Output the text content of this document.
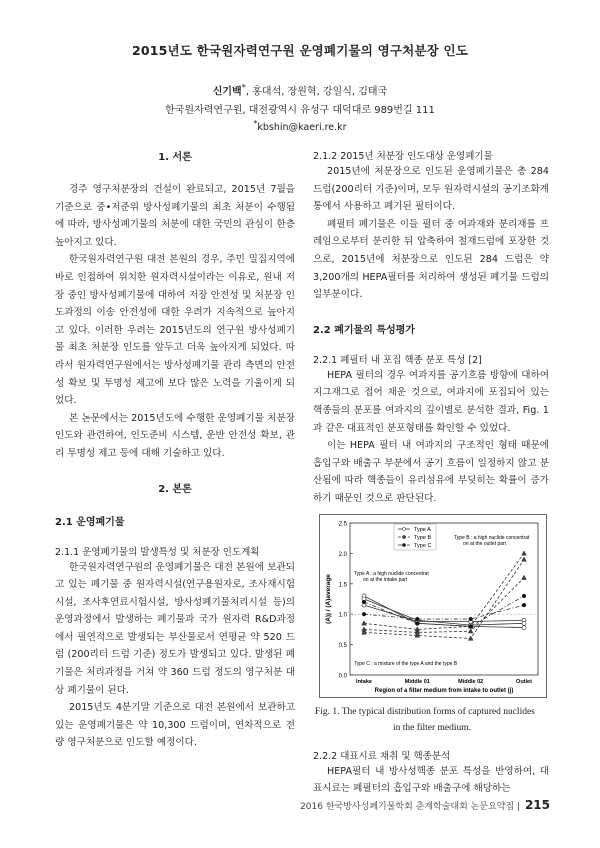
2015년도 한국원자력연구원 운영폐기물의 영구처분장 인도
신기백*, 홍대석, 장원혁, 강일식, 김태국
한국원자력연구원, 대전광역시 유성구 대덕대로 989번길 111
*kbshin@kaeri.re.kr
1. 서론

경주 영구처분장의 건설이 완료되고, 2015년 7월을 기준으로 중•저준위 방사성폐기물의 최초 처분이 수행됨에 따라, 방사성폐기물의 처분에 대한 국민의 관심이 한층 높아지고 있다.

한국원자력연구원 대전 본원의 경우, 주민 밀집지역에 바로 인접하여 위치한 원자력시설이라는 이유로, 원내 저장 중인 방사성폐기물에 대하여 저장 안전성 및 처분장 인도과정의 이송 안전성에 대한 우려가 지속적으로 높아지고 있다. 이러한 우려는 2015년도의 연구원 방사성폐기물 최초 처분장 인도를 앞두고 더욱 높아지게 되었다. 따라서 원자력연구원에서는 방사성폐기물 관리 측면의 안전성 확보 및 투명성 제고에 보다 많은 노력을 기울이게 되었다.

본 논문에서는 2015년도에 수행한 운영폐기물 처분장 인도와 관련하여, 인도준비 시스템, 운반 안전성 확보, 관리 투명성 제고 등에 대해 기술하고 있다.

2. 본론
2.1 운영폐기물
2.1.1 운영폐기물의 발생특성 및 처분장 인도계획

한국원자력연구원의 운영폐기물은 대전 본원에 보관되고 있는 폐기물 중 원자력시설(연구용원자로, 조사재시험시설, 조사후연료시험시설, 방사성폐기물처리시설 등)의 운영과정에서 발생하는 폐기물과 국가 원자력 R&D과정에서 필연적으로 발생되는 부산물로서 연평균 약 520 드럼 (200리터 드럼 기준) 정도가 발생되고 있다. 발생된 폐기물은 처리과정을 거쳐 약 360 드럼 정도의 영구처분 대상 폐기물이 된다.

2015년도 4분기말 기준으로 대전 본원에서 보관하고 있는 운영폐기물은 약 10,300 드럼이며, 연차적으로 전량 영구처분으로 인도할 예정이다.

2.1.2 2015년 처분장 인도대상 운영폐기물

2015년에 처분장으로 인도된 운영폐기물은 총 284 드럼(200리터 기준)이며, 모두 원자력시설의 공기조화계통에서 사용하고 폐기된 필터이다.

폐필터 폐기물은 이들 필터 중 여과재와 분리재를 프레임으로부터 분리한 뒤 압축하여 철재드럼에 포장한 것으로, 2015년에 처분장으로 인도된 284 드럼은 약 3,200개의 HEPA필터를 처리하여 생성된 폐기물 드럼의 일부분이다.

2.2 폐기물의 특성평가
2.2.1 폐필터 내 포집 핵종 분포 특성 [2]

HEPA 필터의 경우 여과지를 공기흐름 방향에 대하여 지그재그로 접어 채운 것으로, 여과지에 포집되어 있는 핵종들의 분포를 여과지의 깊이별로 분석한 결과, Fig. 1과 같은 대표적인 분포형태를 확인할 수 있었다.

이는 HEPA 필터 내 여과지의 구조적인 형태 때문에 흡입구와 배출구 부분에서 공기 흐름이 일정하지 않고 분산됨에 따라 핵종들이 유리섬유에 부딪히는 확률이 증가하기 때문인 것으로 판단된다.

0.0
0.5
1.0
1.5
2.0
2.5
Intake	Middle 01	Middle 02	Outlet
Region of a filter medium from intake to outlet (j)
(A)j / (A)average
Type A
Type B
Type C
Type B : a high nuclide concentrat
on at the outlet part
Type A : a high nuclide concentrat
on at the intake part
Type C : a mixture of the type A and the type B
Fig. 1. The typical distribution forms of captured nuclides
in the filter medium.
2.2.2 대표시료 채취 및 핵종분석

HEPA필터 내 방사성핵종 분포 특성을 반영하여, 대표시료는 폐필터의 흡입구와 배출구에 해당하는

2016 한국방사성폐기물학회 춘계학술대회 논문요약집 | 215
